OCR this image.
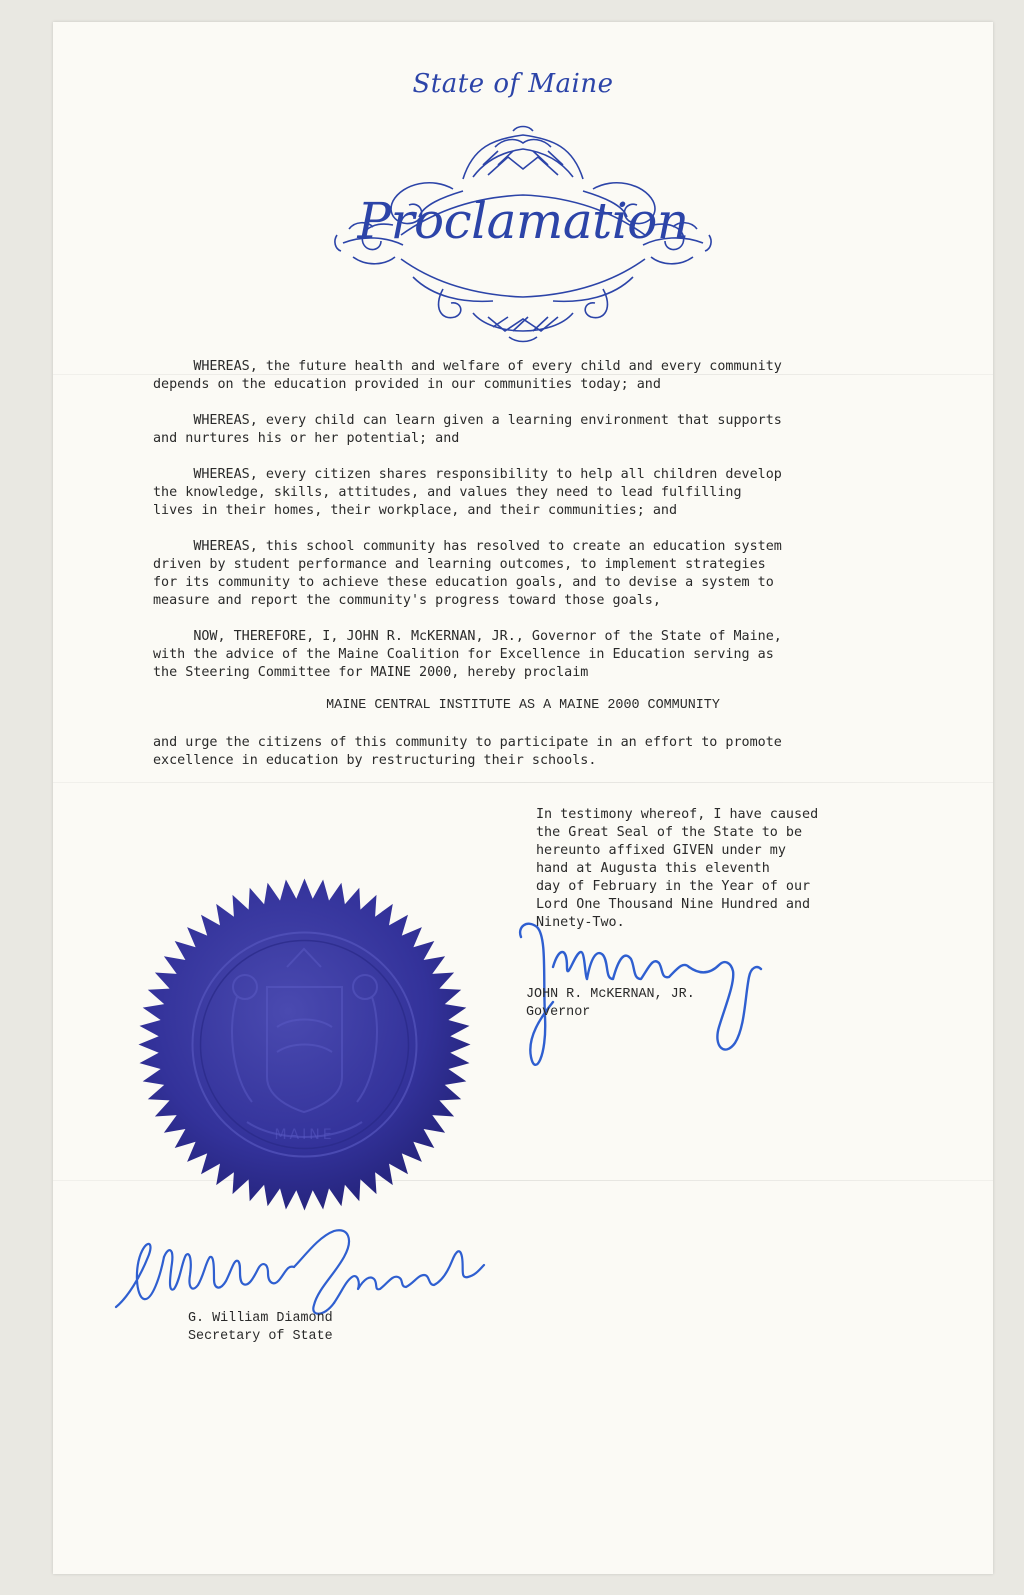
State of Maine
Proclamation
WHEREAS, the future health and welfare of every child and every community
depends on the education provided in our communities today; and
WHEREAS, every child can learn given a learning environment that supports
and nurtures his or her potential; and
WHEREAS, every citizen shares responsibility to help all children develop
the knowledge, skills, attitudes, and values they need to lead fulfilling
lives in their homes, their workplace, and their communities; and
WHEREAS, this school community has resolved to create an education system
driven by student performance and learning outcomes, to implement strategies
for its community to achieve these education goals, and to devise a system to
measure and report the community's progress toward those goals,
NOW, THEREFORE, I, JOHN R. McKERNAN, JR., Governor of the State of Maine,
with the advice of the Maine Coalition for Excellence in Education serving as
the Steering Committee for MAINE 2000, hereby proclaim
MAINE CENTRAL INSTITUTE AS A MAINE 2000 COMMUNITY
and urge the citizens of this community to participate in an effort to promote
excellence in education by restructuring their schools.
In testimony whereof, I have caused
the Great Seal of the State to be
hereunto affixed GIVEN under my
hand at Augusta this eleventh
day of February in the Year of our
Lord One Thousand Nine Hundred and
Ninety-Two.
MAINE
JOHN R. McKERNAN, JR.
Governor
G. William Diamond
Secretary of State
